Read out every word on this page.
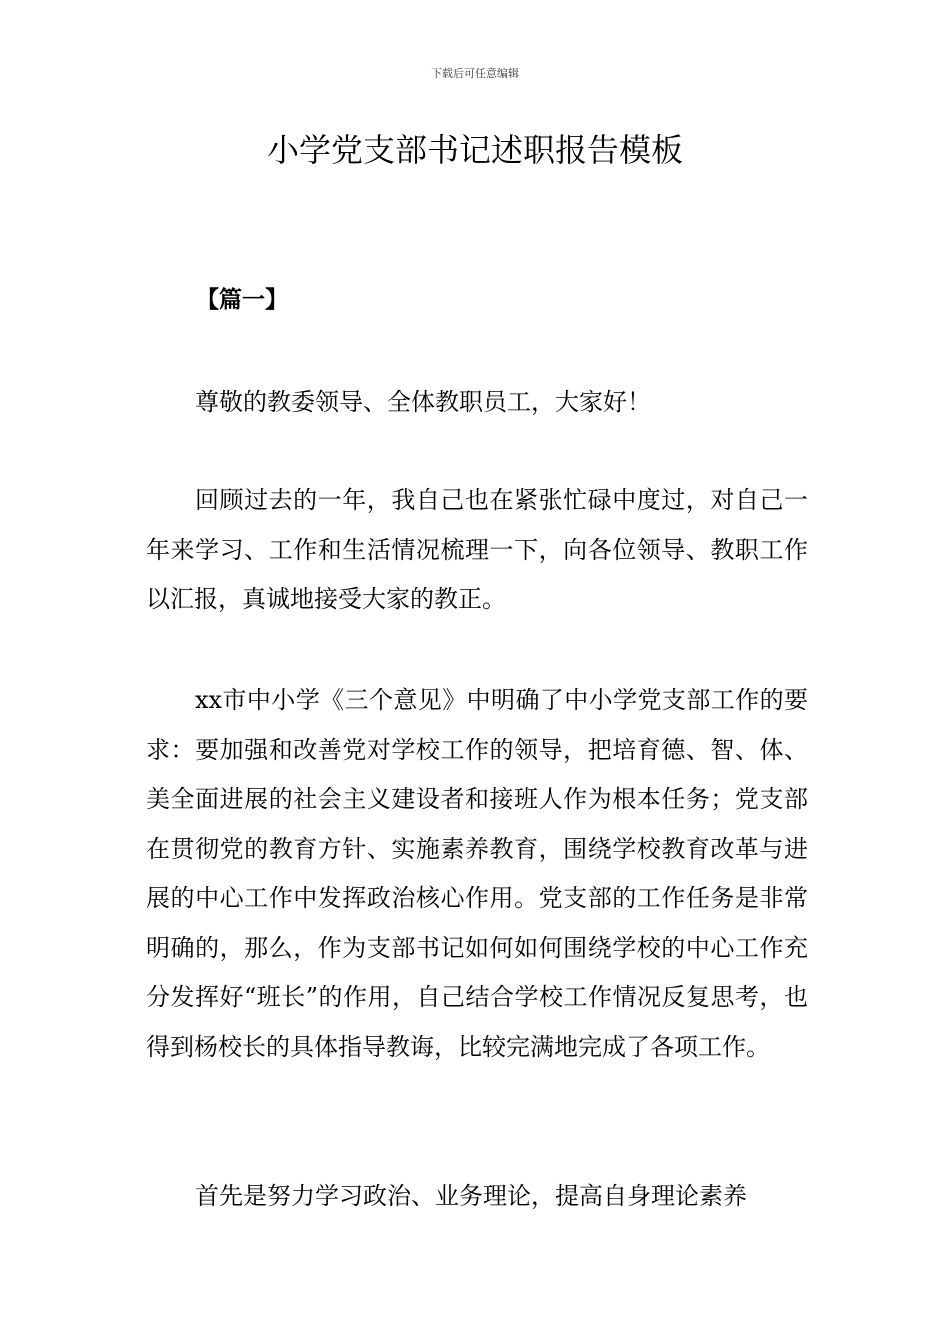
下载后可任意编辑
小学党支部书记述职报告模板
【篇一】

尊敬的教委领导、全体教职员工，大家好！

回顾过去的一年，我自己也在紧张忙碌中度过，对自己一年来学习、工作和生活情况梳理一下，向各位领导、教职工作以汇报，真诚地接受大家的教正。

xx市中小学《三个意见》中明确了中小学党支部工作的要求：要加强和改善党对学校工作的领导，把培育德、智、体、美全面进展的社会主义建设者和接班人作为根本任务；党支部在贯彻党的教育方针、实施素养教育，围绕学校教育改革与进展的中心工作中发挥政治核心作用。党支部的工作任务是非常明确的，那么，作为支部书记如何如何围绕学校的中心工作充分发挥好“班长”的作用，自己结合学校工作情况反复思考，也得到杨校长的具体指导教诲，比较完满地完成了各项工作。

首先是努力学习政治、业务理论，提高自身理论素养
